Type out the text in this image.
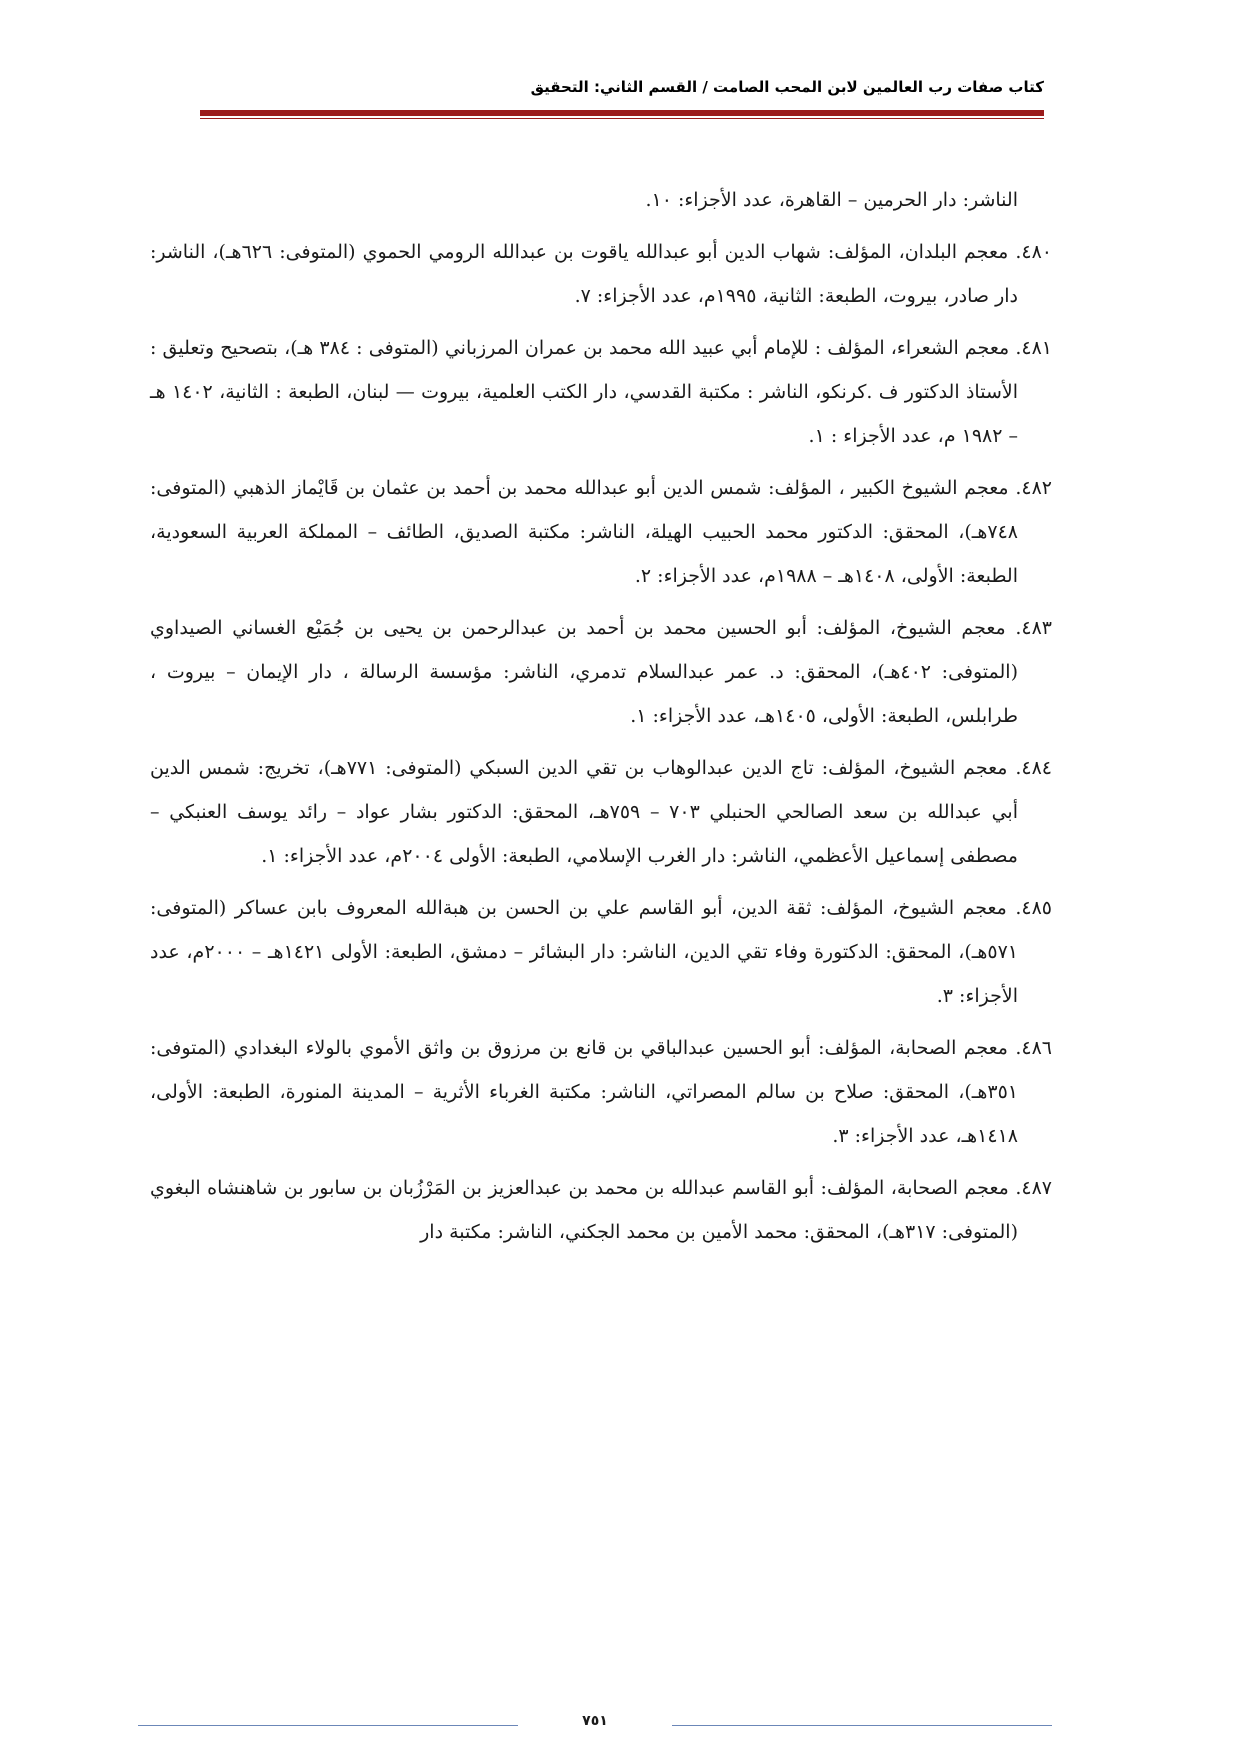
كتاب صفات رب العالمين لابن المحب الصامت / القسم الثاني: التحقيق

الناشر: دار الحرمين – القاهرة، عدد الأجزاء: ١٠.

٤٨٠. معجم البلدان، المؤلف: شهاب الدين أبو عبدالله ياقوت بن عبدالله الرومي الحموي (المتوفى: ٦٢٦هـ)، الناشر: دار صادر، بيروت، الطبعة: الثانية، ١٩٩٥م، عدد الأجزاء: ٧.

٤٨١. معجم الشعراء، المؤلف : للإمام أبي عبيد الله محمد بن عمران المرزباني (المتوفى : ٣٨٤ هـ)، بتصحيح وتعليق : الأستاذ الدكتور ف .كرنكو، الناشر : مكتبة القدسي، دار الكتب العلمية، بيروت — لبنان، الطبعة : الثانية، ١٤٠٢ هـ – ١٩٨٢ م، عدد الأجزاء : ١.

٤٨٢. معجم الشيوخ الكبير ، المؤلف: شمس الدين أبو عبدالله محمد بن أحمد بن عثمان بن قَايْماز الذهبي (المتوفى: ٧٤٨هـ)، المحقق: الدكتور محمد الحبيب الهيلة، الناشر: مكتبة الصديق، الطائف – المملكة العربية السعودية، الطبعة: الأولى، ١٤٠٨هـ – ١٩٨٨م، عدد الأجزاء: ٢.

٤٨٣. معجم الشيوخ، المؤلف: أبو الحسين محمد بن أحمد بن عبدالرحمن بن يحيى بن جُمَيْع الغساني الصيداوي (المتوفى: ٤٠٢هـ)، المحقق: د. عمر عبدالسلام تدمري، الناشر: مؤسسة الرسالة ، دار الإيمان – بيروت ، طرابلس، الطبعة: الأولى، ١٤٠٥هـ، عدد الأجزاء: ١.

٤٨٤. معجم الشيوخ، المؤلف: تاج الدين عبدالوهاب بن تقي الدين السبكي (المتوفى: ٧٧١هـ)، تخريج: شمس الدين أبي عبدالله بن سعد الصالحي الحنبلي ٧٠٣ – ٧٥٩هـ، المحقق: الدكتور بشار عواد – رائد يوسف العنبكي – مصطفى إسماعيل الأعظمي، الناشر: دار الغرب الإسلامي، الطبعة: الأولى ٢٠٠٤م، عدد الأجزاء: ١.

٤٨٥. معجم الشيوخ، المؤلف: ثقة الدين، أبو القاسم علي بن الحسن بن هبةالله المعروف بابن عساكر (المتوفى: ٥٧١هـ)، المحقق: الدكتورة وفاء تقي الدين، الناشر: دار البشائر – دمشق، الطبعة: الأولى ١٤٢١هـ – ٢٠٠٠م، عدد الأجزاء: ٣.

٤٨٦. معجم الصحابة، المؤلف: أبو الحسين عبدالباقي بن قانع بن مرزوق بن واثق الأموي بالولاء البغدادي (المتوفى: ٣٥١هـ)، المحقق: صلاح بن سالم المصراتي، الناشر: مكتبة الغرباء الأثرية – المدينة المنورة، الطبعة: الأولى، ١٤١٨هـ، عدد الأجزاء: ٣.

٤٨٧. معجم الصحابة، المؤلف: أبو القاسم عبدالله بن محمد بن عبدالعزيز بن المَرْزُبان بن سابور بن شاهنشاه البغوي (المتوفى: ٣١٧هـ)، المحقق: محمد الأمين بن محمد الجكني، الناشر: مكتبة دار

٧٥١
